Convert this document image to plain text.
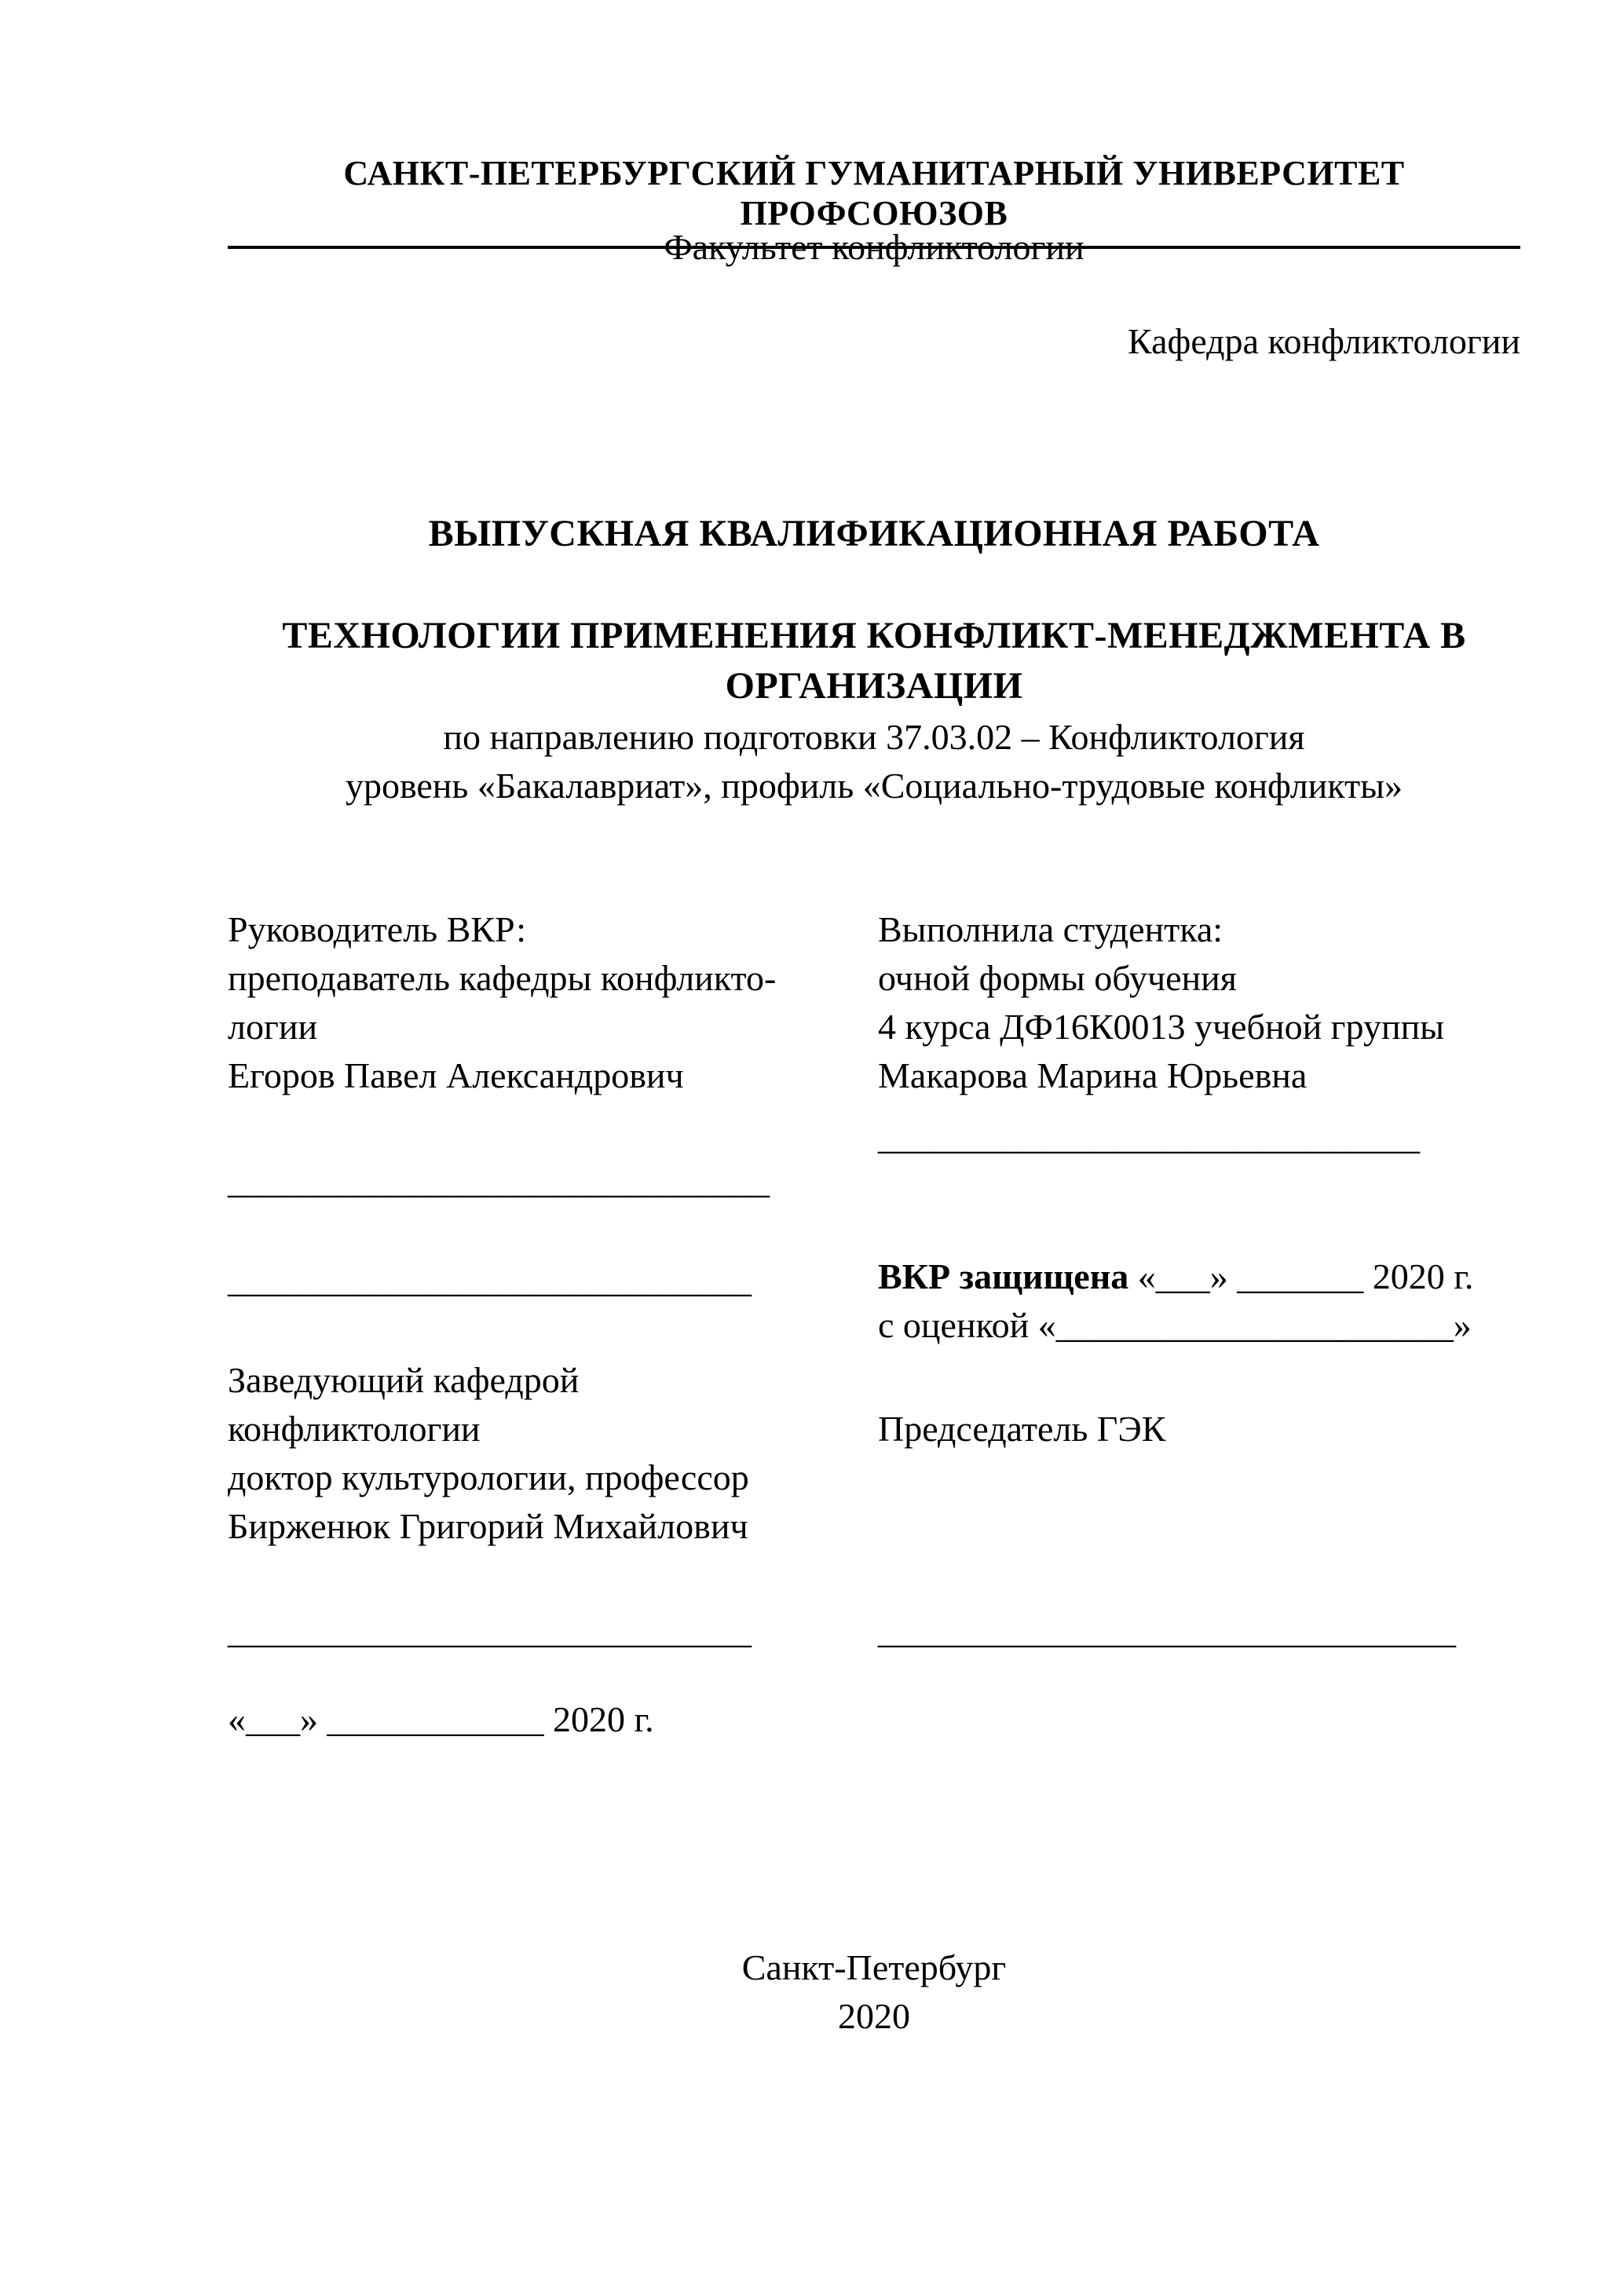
САНКТ-ПЕТЕРБУРГСКИЙ ГУМАНИТАРНЫЙ УНИВЕРСИТЕТ ПРОФСОЮЗОВ
Факультет конфликтологии
Кафедра конфликтологии
ВЫПУСКНАЯ КВАЛИФИКАЦИОННАЯ РАБОТА
ТЕХНОЛОГИИ ПРИМЕНЕНИЯ КОНФЛИКТ-МЕНЕДЖМЕНТА В
ОРГАНИЗАЦИИ
по направлению подготовки 37.03.02 – Конфликтология
уровень «Бакалавриат», профиль «Социально-трудовые конфликты»
Руководитель ВКР:
преподаватель кафедры конфликто-
логии
Егоров Павел Александрович
______________________________
_____________________________
Заведующий кафедрой
конфликтологии
доктор культурологии, профессор
Бирженюк Григорий Михайлович
_____________________________
«___» ____________ 2020 г.
Выполнила студентка:
очной формы обучения
4 курса ДФ16К0013 учебной группы
Макарова Марина Юрьевна
______________________________
ВКР защищена «___» _______ 2020 г.
с оценкой «______________________»
Председатель ГЭК
________________________________
Санкт-Петербург
2020
